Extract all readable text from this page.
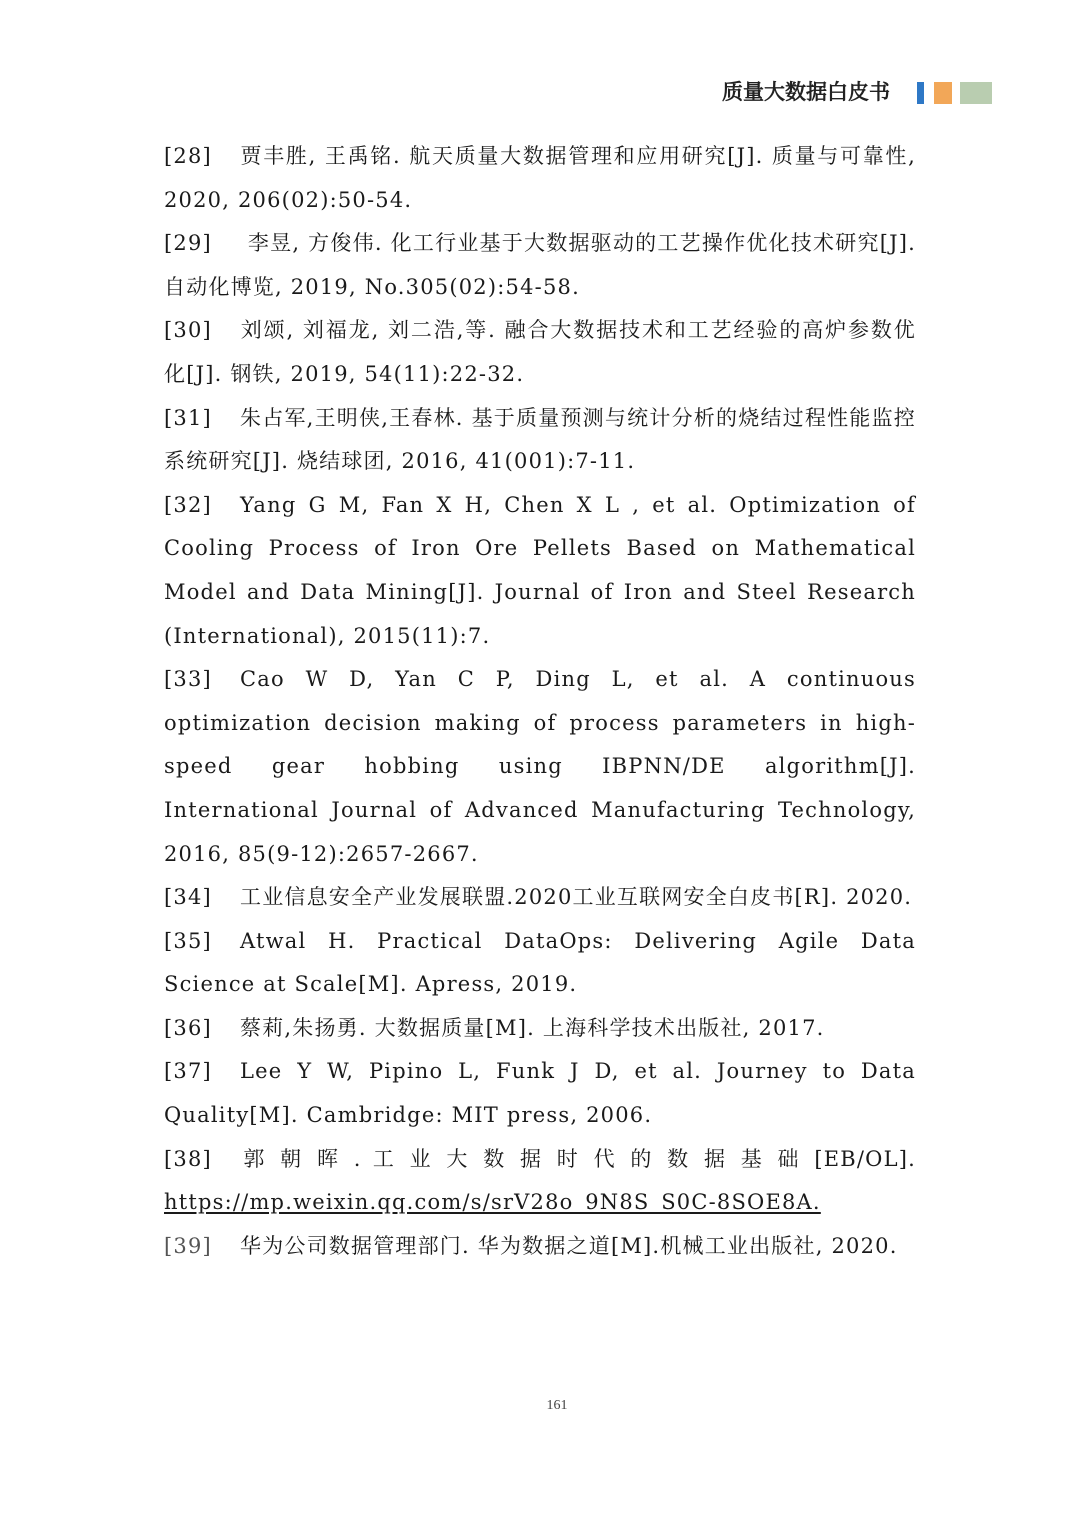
质量大数据白皮书

[28] 贾丰胜, 王禹铭. 航天质量大数据管理和应用研究[J]. 质量与可靠性, 2020, 206(02):50-54.

[29] 李昱, 方俊伟. 化工行业基于大数据驱动的工艺操作优化技术研究[J]. 自动化博览, 2019, No.305(02):54-58.

[30] 刘颂, 刘福龙, 刘二浩,等. 融合大数据技术和工艺经验的高炉参数优化[J]. 钢铁, 2019, 54(11):22-32.

[31] 朱占军,王明侠,王春林. 基于质量预测与统计分析的烧结过程性能监控系统研究[J]. 烧结球团, 2016, 41(001):7-11.

[32] Yang G M, Fan X H, Chen X L , et al. Optimization of Cooling Process of Iron Ore Pellets Based on Mathematical Model and Data Mining[J]. Journal of Iron and Steel Research (International), 2015(11):7.

[33] Cao W D, Yan C P, Ding L, et al. A continuous optimization decision making of process parameters in high-speed gear hobbing using IBPNN/DE algorithm[J]. International Journal of Advanced Manufacturing Technology, 2016, 85(9-12):2657-2667.

[34] 工业信息安全产业发展联盟.2020工业互联网安全白皮书[R]. 2020.

[35] Atwal H. Practical DataOps: Delivering Agile Data Science at Scale[M]. Apress, 2019.

[36] 蔡莉,朱扬勇. 大数据质量[M]. 上海科学技术出版社, 2017.

[37] Lee Y W, Pipino L, Funk J D, et al. Journey to Data Quality[M]. Cambridge: MIT press, 2006.

[38] 郭 朝 晖 . 工 业 大 数 据 时 代 的 数 据 基 础 [EB/OL]. https://mp.weixin.qq.com/s/srV28o_9N8S_S0C-8SOE8A.

[39] 华为公司数据管理部门. 华为数据之道[M].机械工业出版社, 2020.

161
